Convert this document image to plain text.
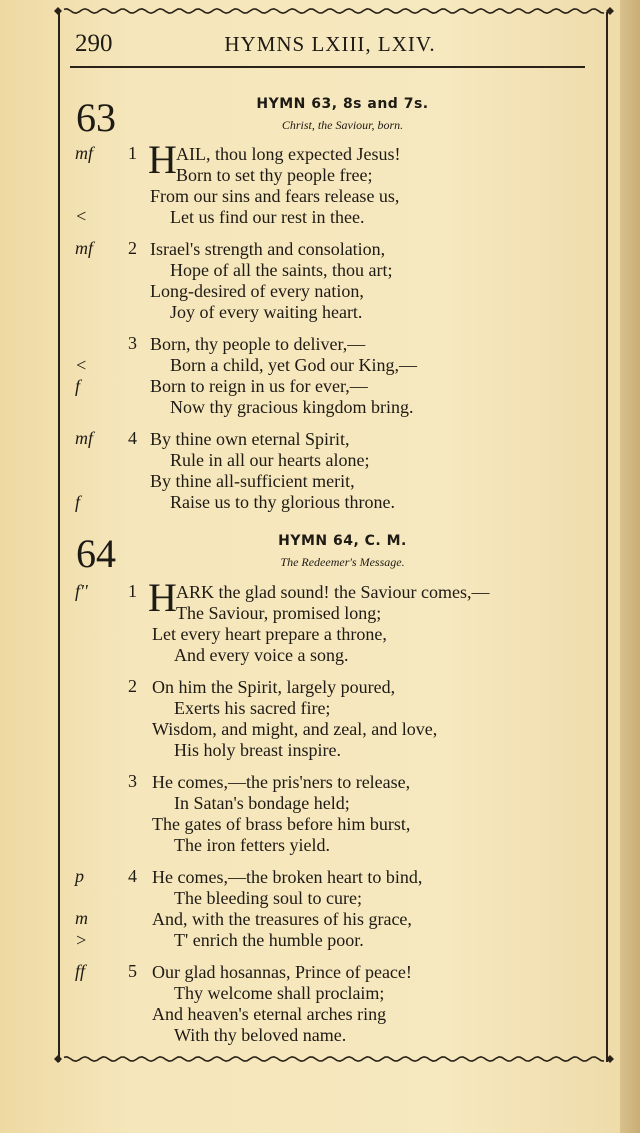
290	HYMNS LXIII, LXIV.
63	HYMN 63, 8s and 7s.
Christ, the Saviour, born.
mf
<
mf
<
f
mf
f
1 H AIL, thou long expected Jesus!
Born to set thy people free;
From our sins and fears release us,
Let us find our rest in thee.
2 Israel's strength and consolation,
Hope of all the saints, thou art;
Long-desired of every nation,
Joy of every waiting heart.
3 Born, thy people to deliver,—
Born a child, yet God our King,—
Born to reign in us for ever,—
Now thy gracious kingdom bring.
4 By thine own eternal Spirit,
Rule in all our hearts alone;
By thine all-sufficient merit,
Raise us to thy glorious throne.
64	HYMN 64, C. M.
The Redeemer's Message.
f''
p
m
>
ff
1 H ARK the glad sound! the Saviour comes,—
The Saviour, promised long;
Let every heart prepare a throne,
And every voice a song.
2 On him the Spirit, largely poured,
Exerts his sacred fire;
Wisdom, and might, and zeal, and love,
His holy breast inspire.
3 He comes,—the pris'ners to release,
In Satan's bondage held;
The gates of brass before him burst,
The iron fetters yield.
4 He comes,—the broken heart to bind,
The bleeding soul to cure;
And, with the treasures of his grace,
T' enrich the humble poor.
5 Our glad hosannas, Prince of peace!
Thy welcome shall proclaim;
And heaven's eternal arches ring
With thy beloved name.
